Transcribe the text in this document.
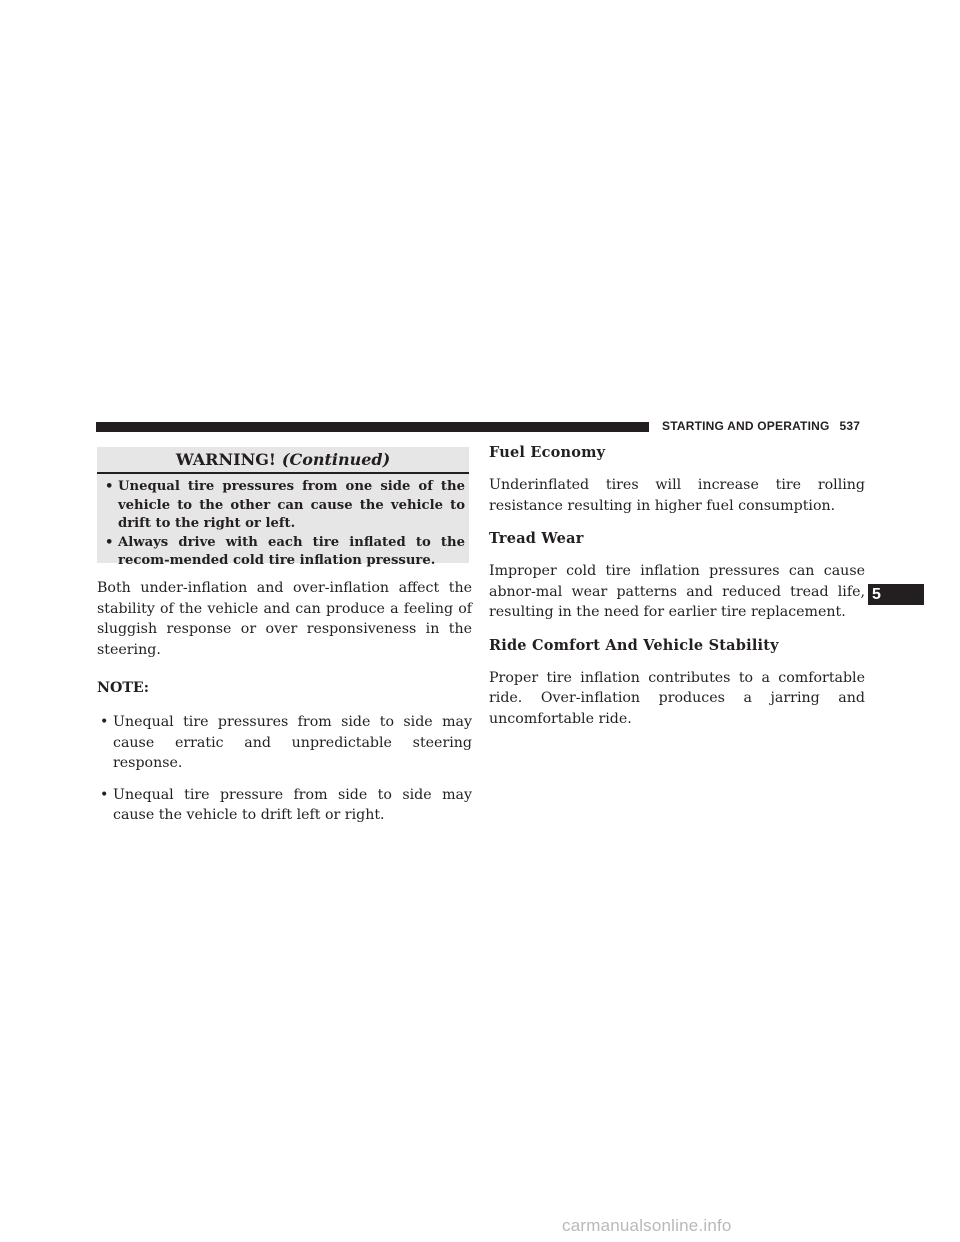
STARTING AND OPERATING 537
WARNING! (Continued)
• Unequal tire pressures from one side of the vehicle to the other can cause the vehicle to drift to the right or left.
• Always drive with each tire inflated to the recom-mended cold tire inflation pressure.

Both under-inflation and over-inflation affect the stability of the vehicle and can produce a feeling of sluggish response or over responsiveness in the steering.

NOTE:

• Unequal tire pressures from side to side may cause erratic and unpredictable steering response.
• Unequal tire pressure from side to side may cause the vehicle to drift left or right.
Fuel Economy

Underinflated tires will increase tire rolling resistance resulting in higher fuel consumption.

Tread Wear

Improper cold tire inflation pressures can cause abnor-mal wear patterns and reduced tread life, resulting in the need for earlier tire replacement.

Ride Comfort And Vehicle Stability

Proper tire inflation contributes to a comfortable ride. Over-inflation produces a jarring and uncomfortable ride.

5
carmanualsonline.info
